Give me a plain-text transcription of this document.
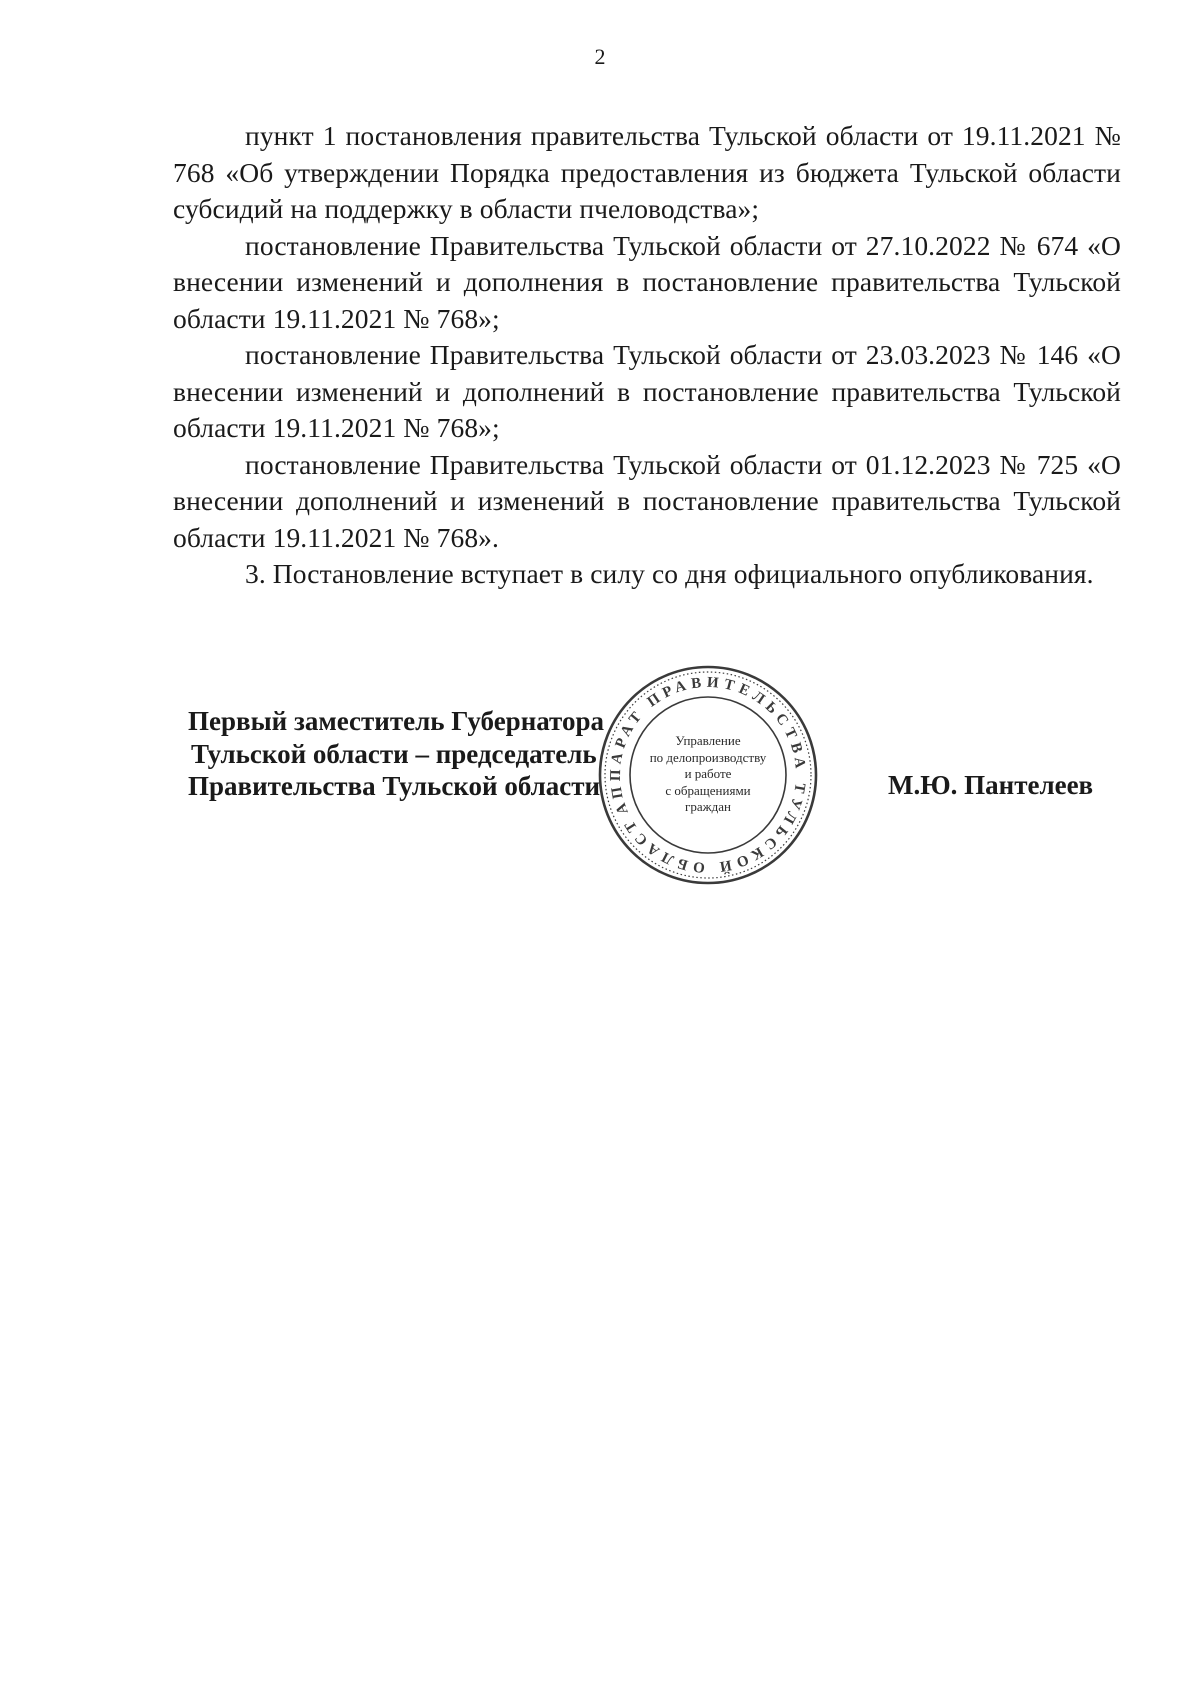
2

пункт 1 постановления правительства Тульской области от 19.11.2021 № 768 «Об утверждении Порядка предоставления из бюджета Тульской области субсидий на поддержку в области пчеловодства»;

постановление Правительства Тульской области от 27.10.2022 № 674 «О внесении изменений и дополнения в постановление правительства Тульской области 19.11.2021 № 768»;

постановление Правительства Тульской области от 23.03.2023 № 146 «О внесении изменений и дополнений в постановление правительства Тульской области 19.11.2021 № 768»;

постановление Правительства Тульской области от 01.12.2023 № 725 «О внесении дополнений и изменений в постановление правительства Тульской области 19.11.2021 № 768».

3. Постановление вступает в силу со дня официального опубликования.

Первый заместитель Губернатора
Тульской области – председатель
Правительства Тульской области
АППАРАТ ПРАВИТЕЛЬСТВА ТУЛЬСКОЙ ОБЛАСТИ
Управление
по делопроизводству
и работе
с обращениями
граждан
М.Ю. Пантелеев
